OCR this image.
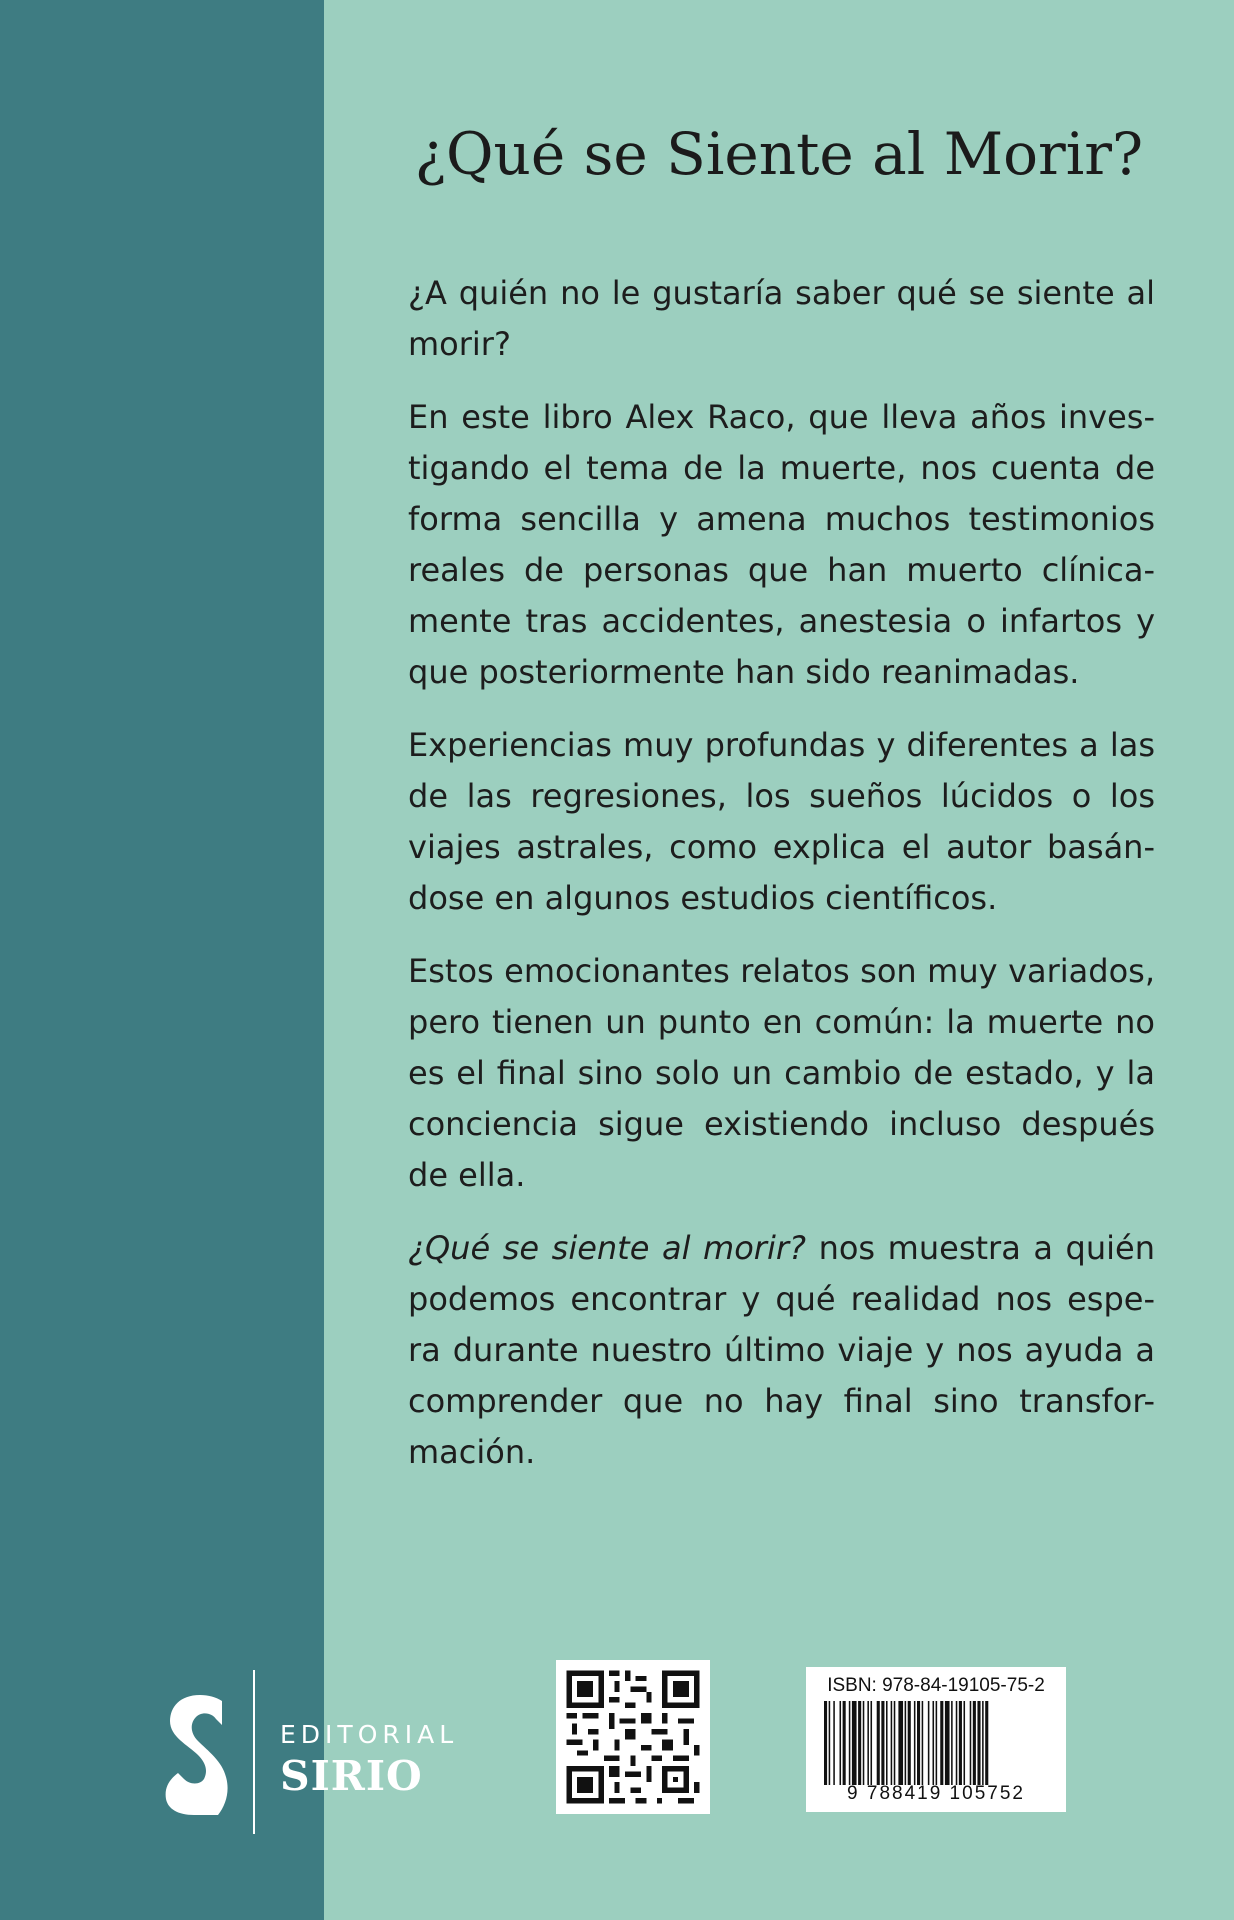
¿Qué se Siente al Morir?

¿A quién no le gustaría saber qué se siente al morir?

En este libro Alex Raco, que lleva años inves-tigando el tema de la muerte, nos cuenta de forma sencilla y amena muchos testimonios reales de personas que han muerto clínica-mente tras accidentes, anestesia o infartos y que posteriormente han sido reanimadas.

Experiencias muy profundas y diferentes a las de las regresiones, los sueños lúcidos o los viajes astrales, como explica el autor basán-dose en algunos estudios científicos.

Estos emocionantes relatos son muy variados, pero tienen un punto en común: la muerte no es el final sino solo un cambio de estado, y la conciencia sigue existiendo incluso después de ella.

¿Qué se siente al morir? nos muestra a quién podemos encontrar y qué realidad nos espe-ra durante nuestro último viaje y nos ayuda a comprender que no hay final sino transfor-mación.

EDITORIAL
SIRIO
ISBN: 978-84-19105-75-2
9 788419 105752
